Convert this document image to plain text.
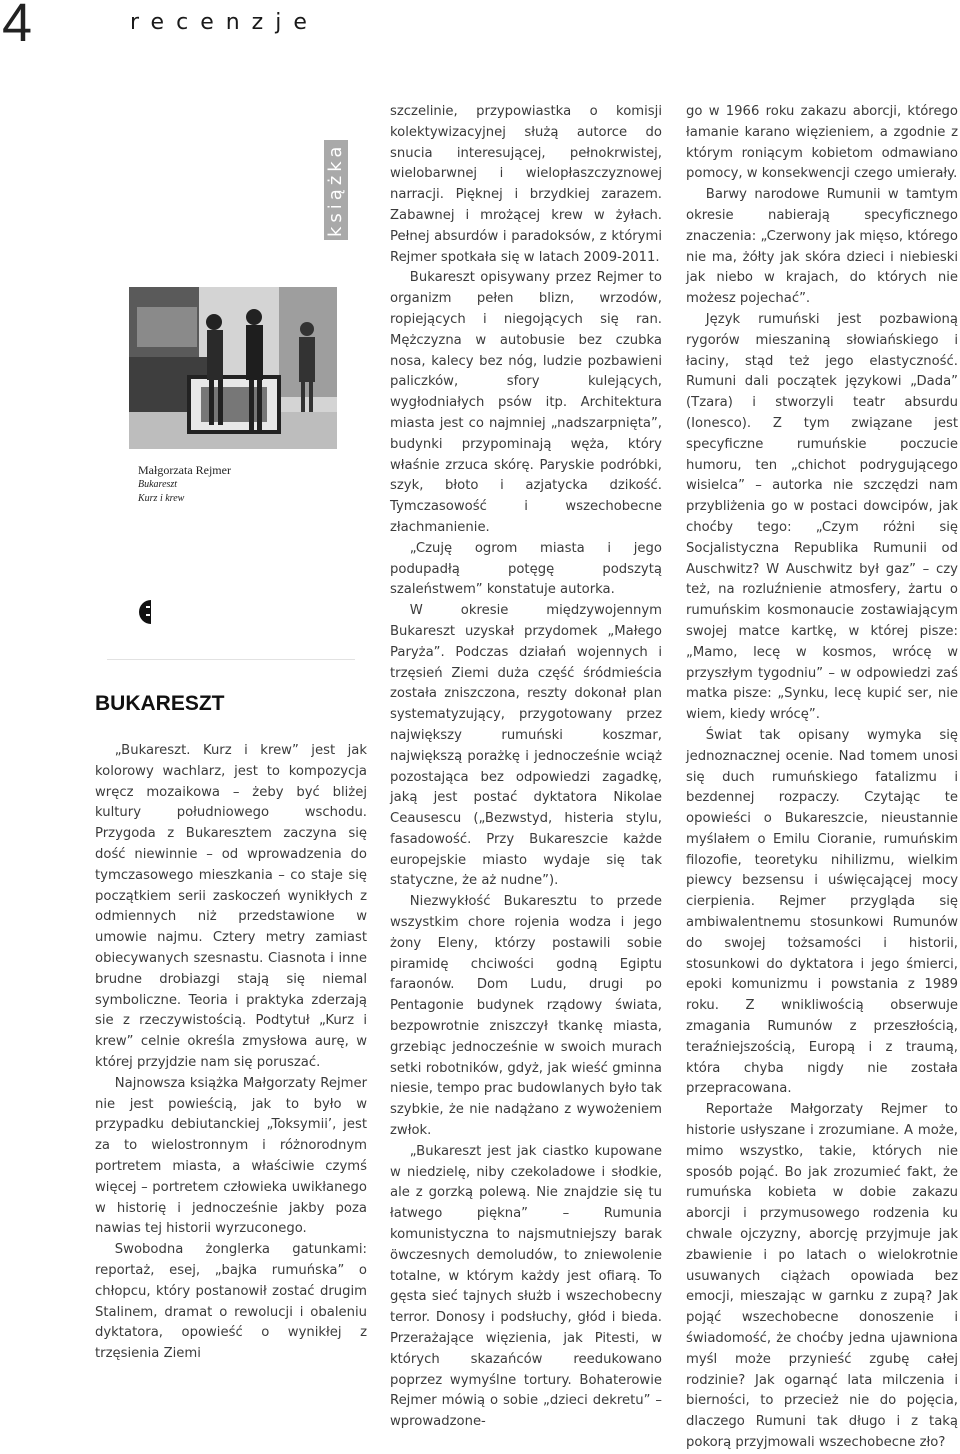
4	recenzje
książka
Małgorzata Rejmer
Bukareszt
Kurz i krew
BUKARESZT

„Bukareszt. Kurz i krew” jest jak kolorowy wachlarz, jest to kompozycja wręcz mozaikowa – żeby być bliżej kultury południowego wschodu. Przygoda z Bukaresztem zaczyna się dość niewinnie – od wprowadzenia do tymczasowego mieszkania – co staje się początkiem serii zaskoczeń wynikłych z odmiennych niż przedstawione w umowie najmu. Cztery metry zamiast obiecywanych szesnastu. Ciasnota i inne brudne drobiazgi stają się niemal symboliczne. Teoria i praktyka zderzają sie z rzeczywistością. Podtytuł „Kurz i krew” celnie określa zmysłowa aurę, w której przyjdzie nam się poruszać.

Najnowsza książka Małgorzaty Rejmer nie jest powieścią, jak to było w przypadku debiutanckiej „Toksymii’, jest za to wielostronnym i różnorodnym portretem miasta, a właściwie czymś więcej – portretem człowieka uwikłanego w historię i jednocześnie jakby poza nawias tej historii wyrzuconego.

Swobodna żonglerka gatunkami: reportaż, esej, „bajka rumuńska” o chłopcu, który postanowił zostać drugim Stalinem, dramat o rewolucji i obaleniu dyktatora, opowieść o wynikłej z trzęsienia Ziemi

szczelinie, przypowiastka o komisji kolektywizacyjnej służą autorce do snucia interesującej, pełnokrwistej, wielobarwnej i wielopłaszczyznowej narracji. Pięknej i brzydkiej zarazem. Zabawnej i mrożącej krew w żyłach. Pełnej absurdów i paradoksów, z którymi Rejmer spotkała się w latach 2009-2011.

Bukareszt opisywany przez Rejmer to organizm pełen blizn, wrzodów, ropiejących i niegojących się ran. Mężczyzna w autobusie bez czubka nosa, kalecy bez nóg, ludzie pozbawieni paliczków, sfory kulejących, wygłodniałych psów itp. Architektura miasta jest co najmniej „nadszarpnięta”, budynki przypominają węża, który właśnie zrzuca skórę. Paryskie podróbki, szyk, błoto i azjatycka dzikość. Tymczasowość i wszechobecne złachmanienie.

„Czuję ogrom miasta i jego podupadłą potęgę podszytą szaleństwem” konstatuje autorka.

W okresie międzywojennym Bukareszt uzyskał przydomek „Małego Paryża”. Podczas działań wojennych i trzęsień Ziemi duża część śródmieścia została zniszczona, reszty dokonał plan systematyzujący, przygotowany przez największy rumuński koszmar, największą porażkę i jednocześnie wciąż pozostająca bez odpowiedzi zagadkę, jaką jest postać dyktatora Nikolae Ceausescu („Bezwstyd, histeria stylu, fasadowość. Przy Bukareszcie każde europejskie miasto wydaje się tak statyczne, że aż nudne”).

Niezwykłość Bukaresztu to przede wszystkim chore rojenia wodza i jego żony Eleny, którzy postawili sobie piramidę chciwości godną Egiptu faraonów. Dom Ludu, drugi po Pentagonie budynek rządowy świata, bezpowrotnie zniszczył tkankę miasta, grzebiąc jednocześnie w swoich murach setki robotników, gdyż, jak wieść gminna niesie, tempo prac budowlanych było tak szybkie, że nie nadążano z wywożeniem zwłok.

„Bukareszt jest jak ciastko kupowane w niedzielę, niby czekoladowe i słodkie, ale z gorzką polewą. Nie znajdzie się tu łatwego piękna” – Rumunia komunistyczna to najsmutniejszy barak öwczesnych demoludów, to zniewolenie totalne, w którym każdy jest ofiarą. To gęsta sieć tajnych służb i wszechobecny terror. Donosy i podsłuchy, głód i bieda. Przerażające więzienia, jak Pitesti, w których skazańców reedukowano poprzez wymyślne tortury. Bohaterowie Rejmer mówią o sobie „dzieci dekretu” – wprowadzone-

go w 1966 roku zakazu aborcji, którego łamanie karano więzieniem, a zgodnie z którym roniącym kobietom odmawiano pomocy, w konsekwencji czego umierały.

Barwy narodowe Rumunii w tamtym okresie nabierają specyficznego znaczenia: „Czerwony jak mięso, którego nie ma, żółty jak skóra dzieci i niebieski jak niebo w krajach, do których nie możesz pojechać”.

Język rumuński jest pozbawioną rygorów mieszaniną słowiańskiego i łaciny, stąd też jego elastyczność. Rumuni dali początek językowi „Dada” (Tzara) i stworzyli teatr absurdu (Ionesco). Z tym związane jest specyficzne rumuńskie poczucie humoru, ten „chichot podrygującego wisielca” – autorka nie szczędzi nam przybliżenia go w postaci dowcipów, jak choćby tego: „Czym różni się Socjalistyczna Republika Rumunii od Auschwitz? W Auschwitz był gaz” – czy też, na rozluźnienie atmosfery, żartu o rumuńskim kosmonaucie zostawiającym swojej matce kartkę, w której pisze: „Mamo, lecę w kosmos, wrócę w przyszłym tygodniu” – w odpowiedzi zaś matka pisze: „Synku, lecę kupić ser, nie wiem, kiedy wrócę”.

Świat tak opisany wymyka się jednoznacznej ocenie. Nad tomem unosi się duch rumuńskiego fatalizmu i bezdennej rozpaczy. Czytając te opowieści o Bukareszcie, nieustannie myślałem o Emilu Cioranie, rumuńskim filozofie, teoretyku nihilizmu, wielkim piewcy bezsensu i uświęcającej mocy cierpienia. Rejmer przygląda się ambiwalentnemu stosunkowi Rumunów do swojej tożsamości i historii, stosunkowi do dyktatora i jego śmierci, epoki komunizmu i powstania z 1989 roku. Z wnikliwością obserwuje zmagania Rumunów z przeszłością, teraźniejszością, Europą i z traumą, która chyba nigdy nie została przepracowana.

Reportaże Małgorzaty Rejmer to historie usłyszane i zrozumiane. A może, mimo wszystko, takie, których nie sposób pojąć. Bo jak zrozumieć fakt, że rumuńska kobieta w dobie zakazu aborcji i przymusowego rodzenia ku chwale ojczyzny, aborcję przyjmuje jak zbawienie i po latach o wielokrotnie usuwanych ciążach opowiada bez emocji, mieszając w garnku z zupą? Jak pojąć wszechobecne donoszenie i świadomość, że choćby jedna ujawniona myśl może przynieść zgubę całej rodzinie? Jak ogarnąć lata milczenia i bierności, to przecież nie do pojęcia, dlaczego Rumuni tak długo i z taką pokorą przyjmowali wszechobecne zło?
